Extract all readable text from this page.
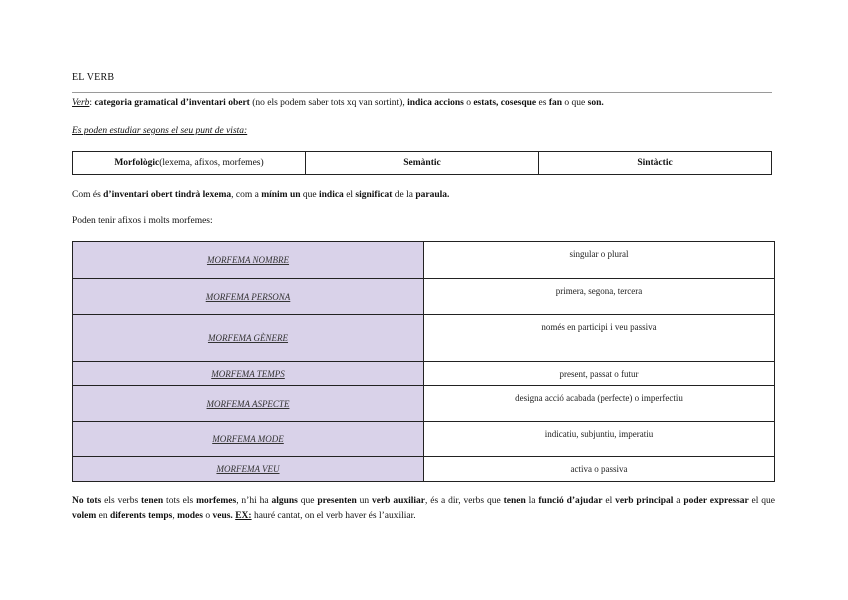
EL VERB
Verb: categoria gramatical d’inventari obert (no els podem saber tots xq van sortint), indica accions o estats, cosesque es fan o que son.
Es poden estudiar segons el seu punt de vista:
Morfològic (lexema, afixos, morfemes)	Semàntic	Sintàctic
Com és d’inventari obert tindrà lexema, com a mínim un que indica el significat de la paraula.
Poden tenir afixos i molts morfemes:
MORFEMA NOMBRE	singular o plural
MORFEMA PERSONA	primera, segona, tercera
MORFEMA GÈNERE	només en participi i veu passiva
MORFEMA TEMPS	present, passat o futur
MORFEMA ASPECTE	designa acció acabada (perfecte) o imperfectiu
MORFEMA MODE	indicatiu, subjuntiu, imperatiu
MORFEMA VEU	activa o passiva
No tots els verbs tenen tots els morfemes, n’hi ha alguns que presenten un verb auxiliar, és a dir, verbs que tenen la funció d’ajudar el verb principal a poder expressar el que volem en diferents temps, modes o veus. EX: hauré cantat, on el verb haver és l’auxiliar.
